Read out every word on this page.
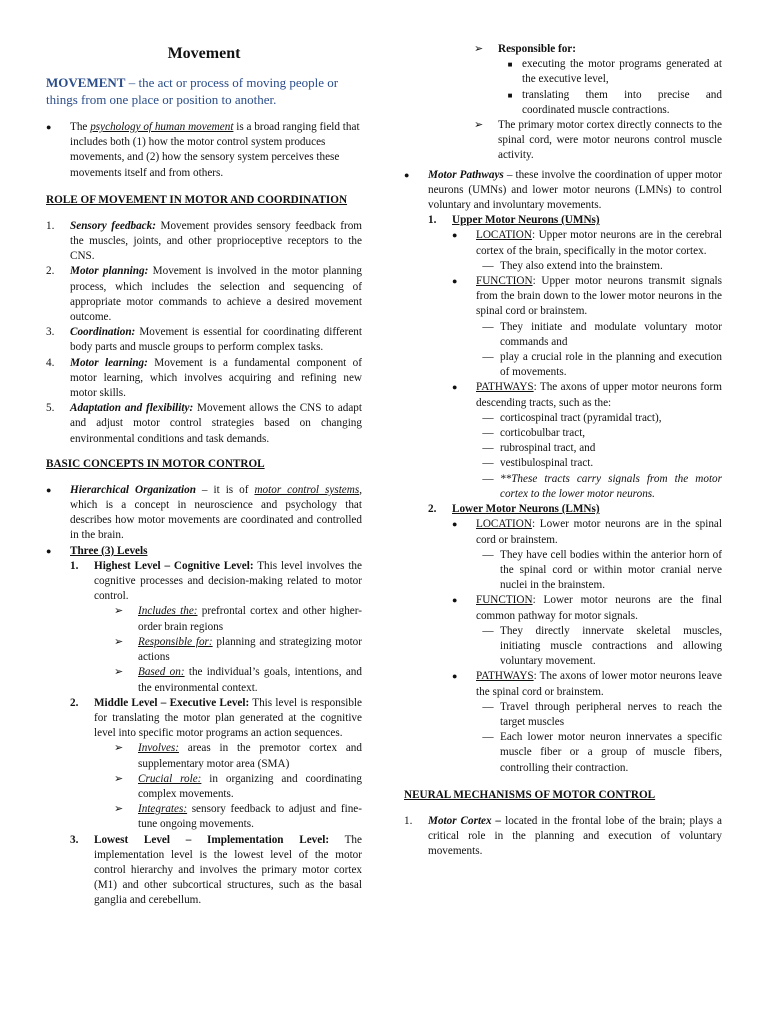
Movement
MOVEMENT – the act or process of moving people or things from one place or position to another.
●	The psychology of human movement is a broad ranging field that includes both (1) how the motor control system produces movements, and (2) how the sensory system perceives these movements itself and from others.
ROLE OF MOVEMENT IN MOTOR AND COORDINATION
1.	Sensory feedback: Movement provides sensory feedback from the muscles, joints, and other proprioceptive receptors to the CNS.
2.	Motor planning: Movement is involved in the motor planning process, which includes the selection and sequencing of appropriate motor commands to achieve a desired movement outcome.
3.	Coordination: Movement is essential for coordinating different body parts and muscle groups to perform complex tasks.
4.	Motor learning: Movement is a fundamental component of motor learning, which involves acquiring and refining new motor skills.
5.	Adaptation and flexibility: Movement allows the CNS to adapt and adjust motor control strategies based on changing environmental conditions and task demands.
BASIC CONCEPTS IN MOTOR CONTROL
●	Hierarchical Organization – it is of motor control systems, which is a concept in neuroscience and psychology that describes how motor movements are coordinated and controlled in the brain.
●	Three (3) Levels
1.	Highest Level – Cognitive Level: This level involves the cognitive processes and decision-making related to motor control.
➢	Includes the: prefrontal cortex and other higher-order brain regions
➢	Responsible for: planning and strategizing motor actions
➢	Based on: the individual’s goals, intentions, and the environmental context.
2.	Middle Level – Executive Level: This level is responsible for translating the motor plan generated at the cognitive level into specific motor programs an action sequences.
➢	Involves: areas in the premotor cortex and supplementary motor area (SMA)
➢	Crucial role: in organizing and coordinating complex movements.
➢	Integrates: sensory feedback to adjust and fine-tune ongoing movements.
3.	Lowest Level – Implementation Level: The implementation level is the lowest level of the motor control hierarchy and involves the primary motor cortex (M1) and other subcortical structures, such as the basal ganglia and cerebellum.
➢	Responsible for:
■ executing the motor programs generated at the executive level,
■ translating them into precise and coordinated muscle contractions.
➢	The primary motor cortex directly connects to the spinal cord, were motor neurons control muscle activity.
●	Motor Pathways – these involve the coordination of upper motor neurons (UMNs) and lower motor neurons (LMNs) to control voluntary and involuntary movements.
1.	Upper Motor Neurons (UMNs)
●	LOCATION: Upper motor neurons are in the cerebral cortex of the brain, specifically in the motor cortex.
— They also extend into the brainstem.
●	FUNCTION: Upper motor neurons transmit signals from the brain down to the lower motor neurons in the spinal cord or brainstem.
— They initiate and modulate voluntary motor commands and
— play a crucial role in the planning and execution of movements.
●	PATHWAYS: The axons of upper motor neurons form descending tracts, such as the:
— corticospinal tract (pyramidal tract),
— corticobulbar tract,
— rubrospinal tract, and
— vestibulospinal tract.
— **These tracts carry signals from the motor cortex to the lower motor neurons.
2.	Lower Motor Neurons (LMNs)
●	LOCATION: Lower motor neurons are in the spinal cord or brainstem.
— They have cell bodies within the anterior horn of the spinal cord or within motor cranial nerve nuclei in the brainstem.
●	FUNCTION: Lower motor neurons are the final common pathway for motor signals.
— They directly innervate skeletal muscles, initiating muscle contractions and allowing voluntary movement.
●	PATHWAYS: The axons of lower motor neurons leave the spinal cord or brainstem.
— Travel through peripheral nerves to reach the target muscles
— Each lower motor neuron innervates a specific muscle fiber or a group of muscle fibers, controlling their contraction.
NEURAL MECHANISMS OF MOTOR CONTROL
1.	Motor Cortex – located in the frontal lobe of the brain; plays a critical role in the planning and execution of voluntary movements.
